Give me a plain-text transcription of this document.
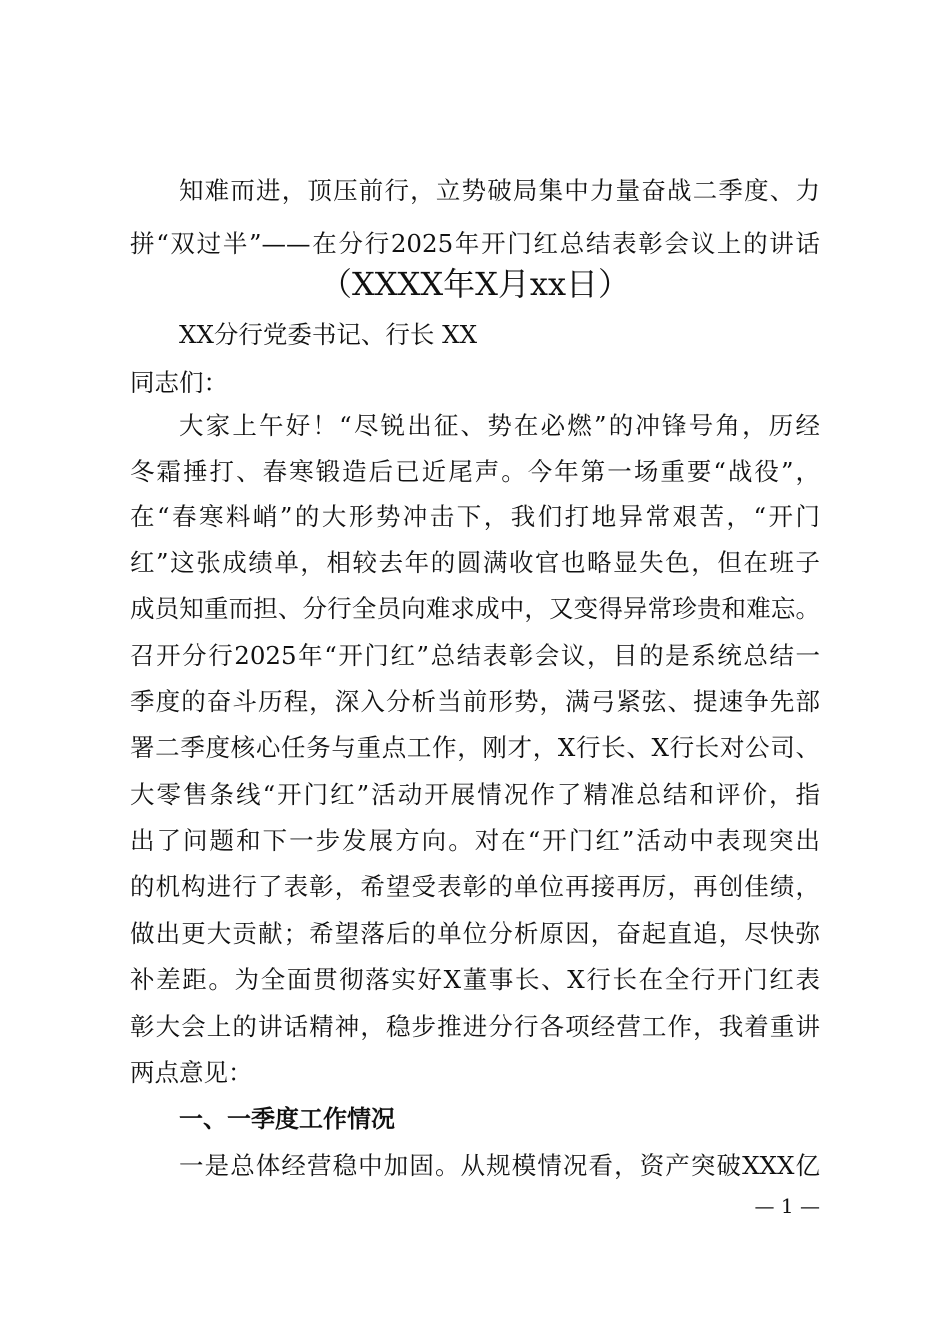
知难而进，顶压前行，立势破局集中力量奋战二季度、力
拼“双过半”——在分行2025年开门红总结表彰会议上的讲话
（XXXX年X月xx日）
XX分行党委书记、行长 XX
同志们：
大家上午好！“尽锐出征、势在必燃”的冲锋号角，历经
冬霜捶打、春寒锻造后已近尾声。今年第一场重要“战役”，
在“春寒料峭”的大形势冲击下，我们打地异常艰苦，“开门
红”这张成绩单，相较去年的圆满收官也略显失色，但在班子
成员知重而担、分行全员向难求成中，又变得异常珍贵和难忘。
召开分行2025年“开门红”总结表彰会议，目的是系统总结一
季度的奋斗历程，深入分析当前形势，满弓紧弦、提速争先部
署二季度核心任务与重点工作，刚才，X行长、X行长对公司、
大零售条线“开门红”活动开展情况作了精准总结和评价，指
出了问题和下一步发展方向。对在“开门红”活动中表现突出
的机构进行了表彰，希望受表彰的单位再接再厉，再创佳绩，
做出更大贡献；希望落后的单位分析原因，奋起直追，尽快弥
补差距。为全面贯彻落实好X董事长、X行长在全行开门红表
彰大会上的讲话精神，稳步推进分行各项经营工作，我着重讲
两点意见：
一、一季度工作情况
一是总体经营稳中加固。从规模情况看，资产突破XXX亿
— 1 —
